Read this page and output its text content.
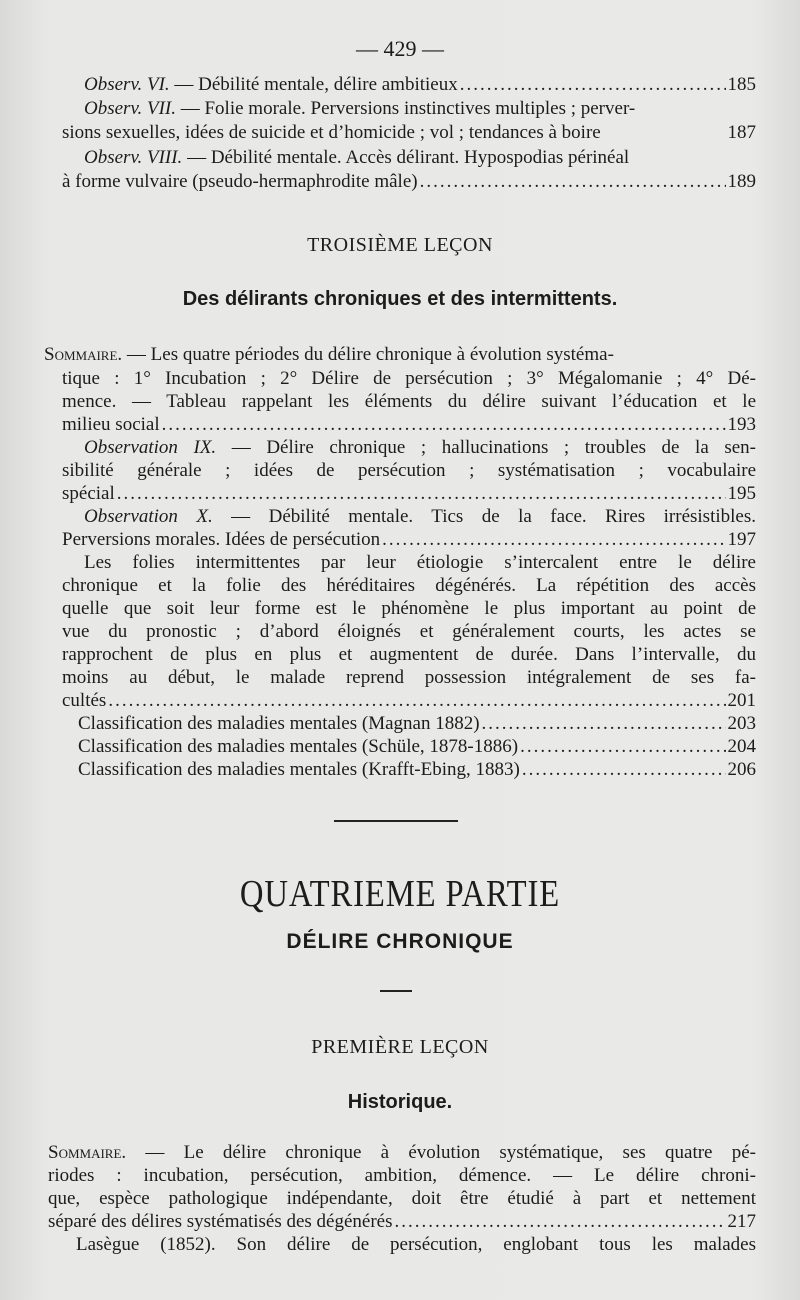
— 429 —
Observ. VI. — Débilité mentale, délire ambitieux .....	185
Observ. VII. — Folie morale. Perversions instinctives multiples ; perver-
sions sexuelles, idées de suicide et d’homicide ; vol ; tendances à boire	187
Observ. VIII. — Débilité mentale. Accès délirant. Hypospodias périnéal
à forme vulvaire (pseudo-hermaphrodite mâle) .....	189
TROISIÈME LEÇON
Des délirants chroniques et des intermittents.
Sommaire. — Les quatre périodes du délire chronique à évolution systéma-
tique : 1° Incubation ; 2° Délire de persécution ; 3° Mégalomanie ; 4° Dé-
mence. — Tableau rappelant les éléments du délire suivant l’éducation et le
milieu social .....	193
Observation IX. — Délire chronique ; hallucinations ; troubles de la sen-
sibilité générale ; idées de persécution ; systématisation ; vocabulaire
spécial .....	195
Observation X. — Débilité mentale. Tics de la face. Rires irrésistibles.
Perversions morales. Idées de persécution .....	197
Les folies intermittentes par leur étiologie s’intercalent entre le délire
chronique et la folie des héréditaires dégénérés. La répétition des accès
quelle que soit leur forme est le phénomène le plus important au point de
vue du pronostic ; d’abord éloignés et généralement courts, les actes se
rapprochent de plus en plus et augmentent de durée. Dans l’intervalle, du
moins au début, le malade reprend possession intégralement de ses fa-
cultés .....	201
Classification des maladies mentales (Magnan 1882) .....	203
Classification des maladies mentales (Schüle, 1878-1886) .....	204
Classification des maladies mentales (Krafft-Ebing, 1883) .....	206
QUATRIEME PARTIE
DÉLIRE CHRONIQUE
PREMIÈRE LEÇON
Historique.
Sommaire. — Le délire chronique à évolution systématique, ses quatre pé-
riodes : incubation, persécution, ambition, démence. — Le délire chroni-
que, espèce pathologique indépendante, doit être étudié à part et nettement
séparé des délires systématisés des dégénérés .....	217
Lasègue (1852). Son délire de persécution, englobant tous les malades
